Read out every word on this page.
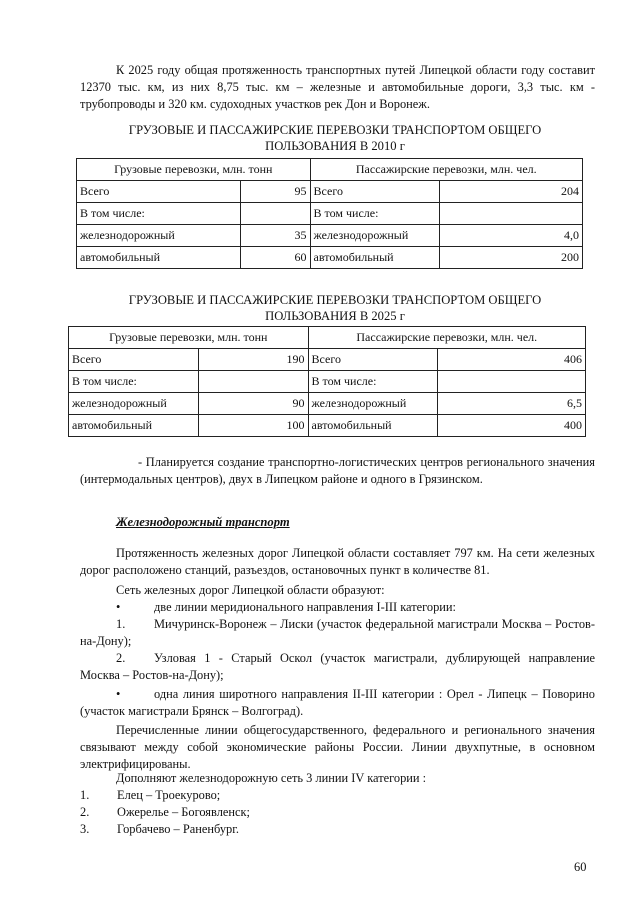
К 2025 году общая протяженность транспортных путей Липецкой области году составит 12370 тыс. км, из них 8,75 тыс. км – железные и автомобильные дороги, 3,3 тыс. км - трубопроводы и 320 км. судоходных участков рек Дон и Воронеж.
ГРУЗОВЫЕ И ПАССАЖИРСКИЕ ПЕРЕВОЗКИ ТРАНСПОРТОМ ОБЩЕГО
ПОЛЬЗОВАНИЯ В 2010 г
Грузовые перевозки, млн. тонн		Пассажирские перевозки, млн. чел.	
Всего	95	Всего	204
В том числе:		В том числе:	
железнодорожный	35	железнодорожный	4,0
автомобильный	60	автомобильный	200
ГРУЗОВЫЕ И ПАССАЖИРСКИЕ ПЕРЕВОЗКИ ТРАНСПОРТОМ ОБЩЕГО
ПОЛЬЗОВАНИЯ В 2025 г
Грузовые перевозки, млн. тонн		Пассажирские перевозки, млн. чел.	
Всего	190	Всего	406
В том числе:		В том числе:	
железнодорожный	90	железнодорожный	6,5
автомобильный	100	автомобильный	400
- Планируется создание транспортно-логистических центров регионального значения (интермодальных центров), двух в Липецком районе и одного в Грязинском.
Железнодорожный транспорт
Протяженность железных дорог Липецкой области составляет 797 км. На сети железных дорог расположено станций, разъездов, остановочных пункт в количестве 81.
Сеть железных дорог Липецкой области образуют:
•	две линии меридионального направления I-III категории:
1. Мичуринск-Воронеж – Лиски (участок федеральной магистрали Москва – Ростов-на-Дону);
2. Узловая 1 - Старый Оскол (участок магистрали, дублирующей направление Москва – Ростов-на-Дону);
•	одна линия широтного направления II-III категории : Орел - Липецк – Поворино (участок магистрали Брянск – Волгоград).
Перечисленные линии общегосударственного, федерального и регионального значения связывают между собой экономические районы России. Линии двухпутные, в основном электрифицированы.
Дополняют железнодорожную сеть 3 линии IV категории :
1. Елец – Троекурово;
2. Ожерелье – Богоявленск;
3. Горбачево – Раненбург.
60
